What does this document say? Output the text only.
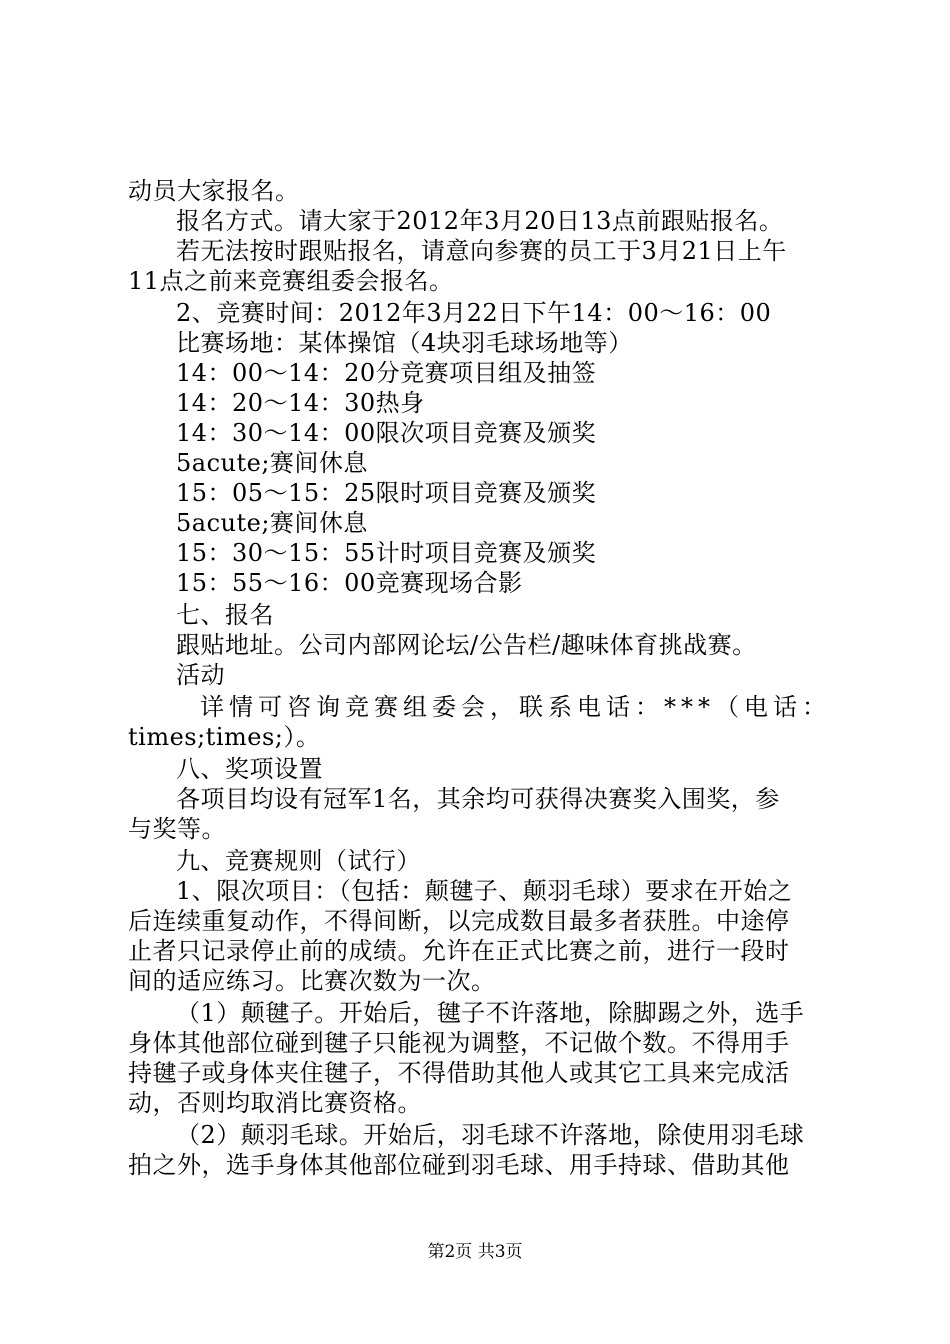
动员大家报名。
报名方式。请大家于2012年3月20日13点前跟贴报名。
若无法按时跟贴报名，请意向参赛的员工于3月21日上午
11点之前来竞赛组委会报名。
2、竞赛时间：2012年3月22日下午14：00～16：00
比赛场地：某体操馆（4块羽毛球场地等）
14：00～14：20分竞赛项目组及抽签
14：20～14：30热身
14：30～14：00限次项目竞赛及颁奖
5acute;赛间休息
15：05～15：25限时项目竞赛及颁奖
5acute;赛间休息
15：30～15：55计时项目竞赛及颁奖
15：55～16：00竞赛现场合影
七、报名
跟贴地址。公司内部网论坛/公告栏/趣味体育挑战赛。
活动
详情可咨询竞赛组委会，联系电话：***（电话：
times;times;）。
八、奖项设置
各项目均设有冠军1名，其余均可获得决赛奖入围奖，参
与奖等。
九、竞赛规则（试行）
1、限次项目：（包括：颠毽子、颠羽毛球）要求在开始之
后连续重复动作，不得间断，以完成数目最多者获胜。中途停
止者只记录停止前的成绩。允许在正式比赛之前，进行一段时
间的适应练习。比赛次数为一次。
（1）颠毽子。开始后，毽子不许落地，除脚踢之外，选手
身体其他部位碰到毽子只能视为调整，不记做个数。不得用手
持毽子或身体夹住毽子，不得借助其他人或其它工具来完成活
动，否则均取消比赛资格。
（2）颠羽毛球。开始后，羽毛球不许落地，除使用羽毛球
拍之外，选手身体其他部位碰到羽毛球、用手持球、借助其他
第2页 共3页
